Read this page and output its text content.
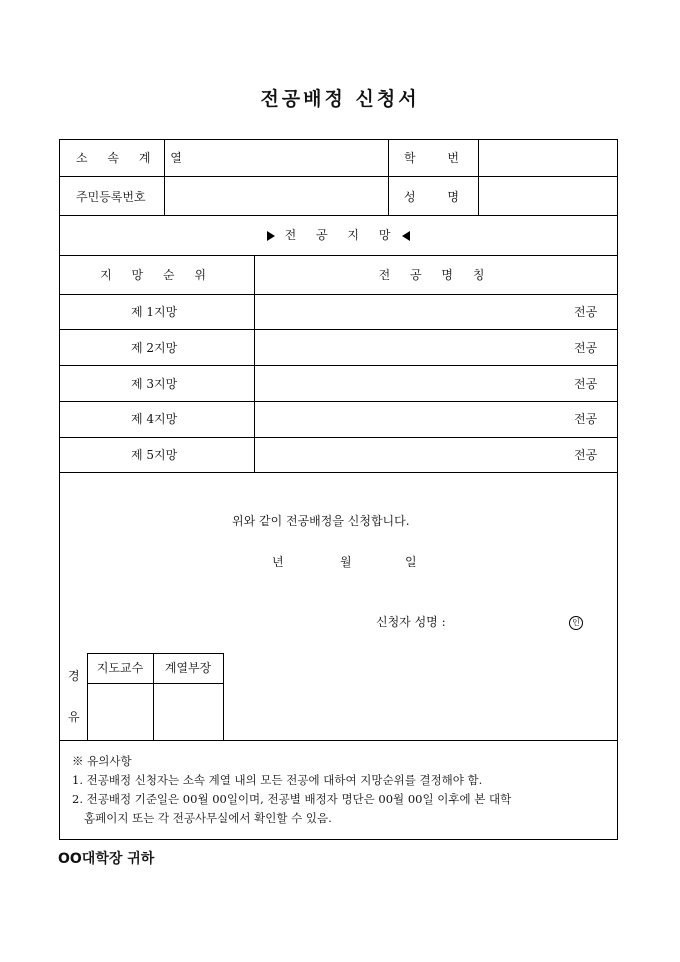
전공배정 신청서
소 속 계 열	학 번
주민등록번호	성 명
전 공 지 망
지 망 순 위	전 공 명 칭
제 1지망	전공
제 2지망	전공
제 3지망	전공
제 4지망	전공
제 5지망	전공
위와 같이 전공배정을 신청합니다.
년	월	일
신청자 성명 :	인
경
유
지도교수	계열부장
※ 유의사항
1. 전공배정 신청자는 소속 계열 내의 모든 전공에 대하여 지망순위를 결정해야 함.
2. 전공배정 기준일은 00월 00일이며, 전공별 배정자 명단은 00월 00일 이후에 본 대학
홈페이지 또는 각 전공사무실에서 확인할 수 있음.
OO대학장 귀하
